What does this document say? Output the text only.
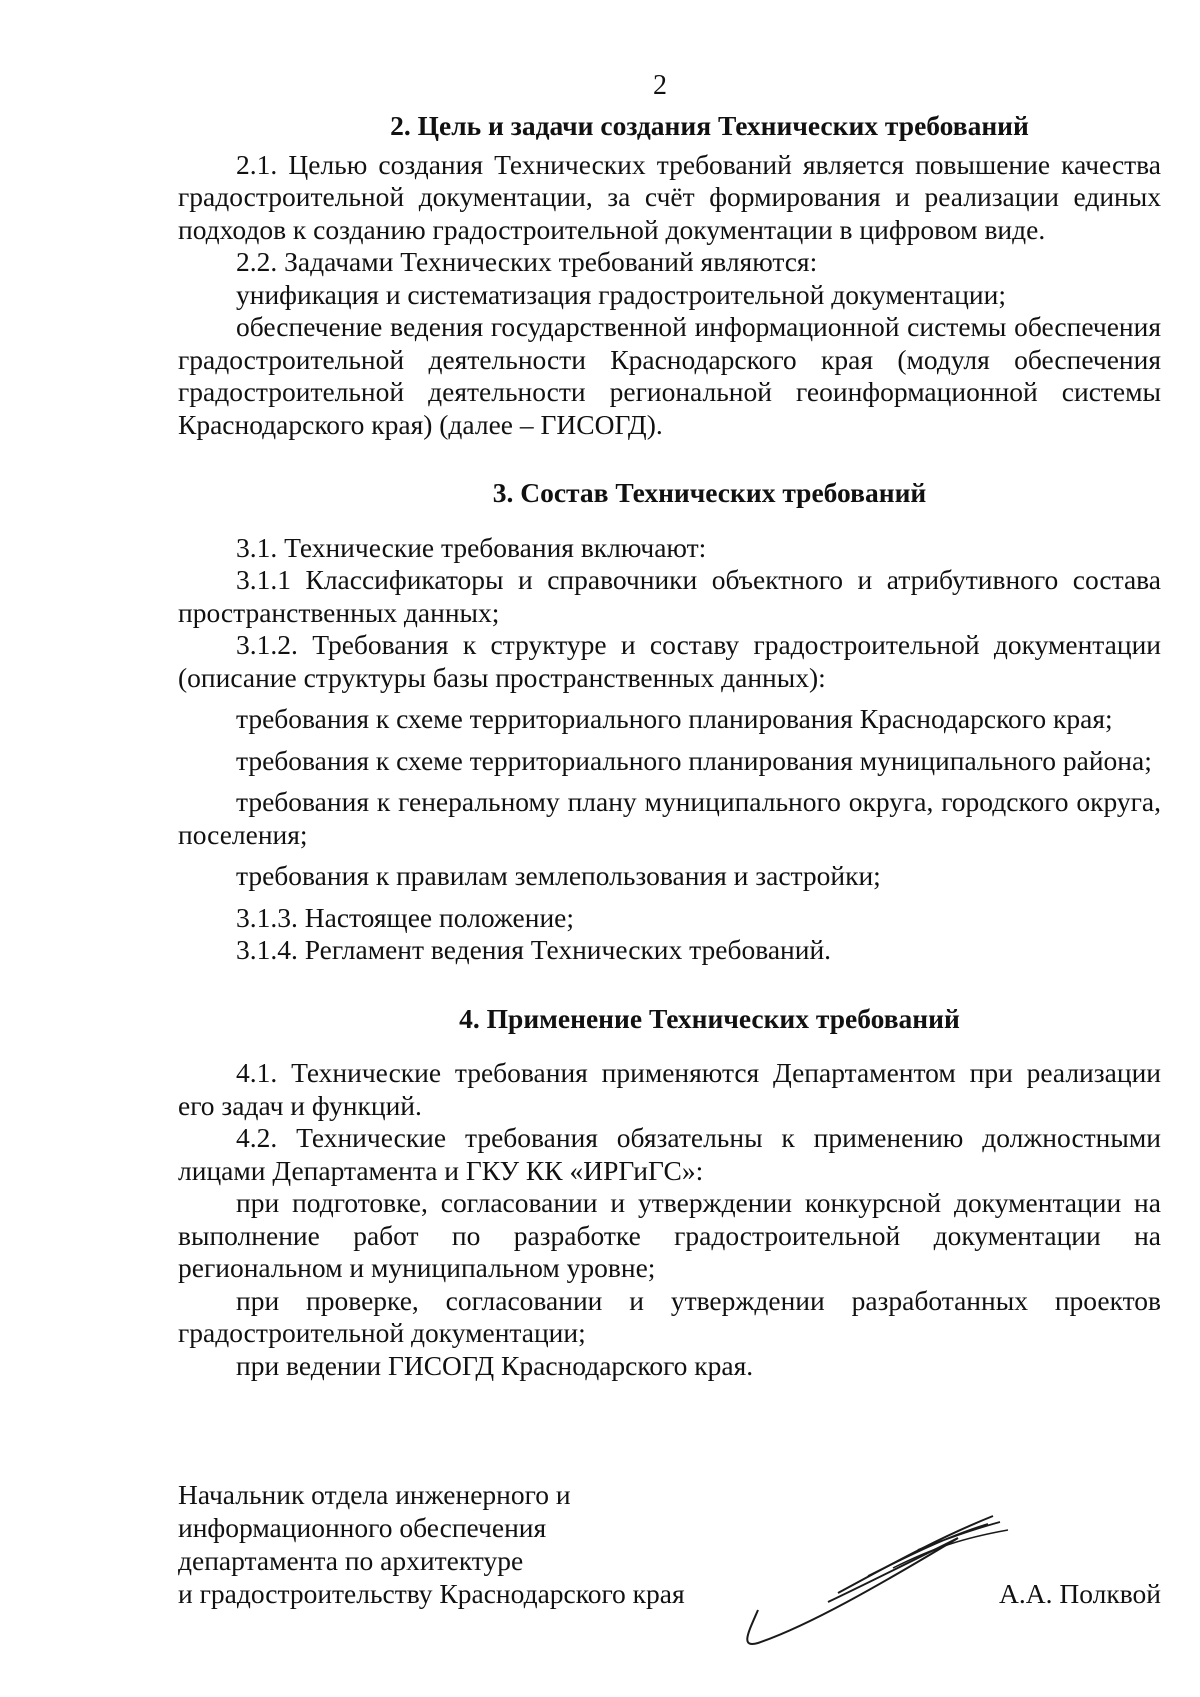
2
2. Цель и задачи создания Технических требований

2.1. Целью создания Технических требований является повышение качества градостроительной документации, за счёт формирования и реализации единых подходов к созданию градостроительной документации в цифровом виде.

2.2. Задачами Технических требований являются:

унификация и систематизация градостроительной документации;

обеспечение ведения государственной информационной системы обеспечения градостроительной деятельности Краснодарского края (модуля обеспечения градостроительной деятельности региональной геоинформационной системы Краснодарского края) (далее – ГИСОГД).

3. Состав Технических требований

3.1. Технические требования включают:

3.1.1 Классификаторы и справочники объектного и атрибутивного состава пространственных данных;

3.1.2. Требования к структуре и составу градостроительной документации (описание структуры базы пространственных данных):

требования к схеме территориального планирования Краснодарского края;

требования к схеме территориального планирования муниципального района;

требования к генеральному плану муниципального округа, городского округа, поселения;

требования к правилам землепользования и застройки;

3.1.3. Настоящее положение;

3.1.4. Регламент ведения Технических требований.

4. Применение Технических требований

4.1. Технические требования применяются Департаментом при реализации его задач и функций.

4.2. Технические требования обязательны к применению должностными лицами Департамента и ГКУ КК «ИРГиГС»:

при подготовке, согласовании и утверждении конкурсной документации на выполнение работ по разработке градостроительной документации на региональном и муниципальном уровне;

при проверке, согласовании и утверждении разработанных проектов градостроительной документации;

при ведении ГИСОГД Краснодарского края.

Начальник отдела инженерного и
информационного обеспечения
департамента по архитектуре
и градостроительству Краснодарского края	А.А. Полквой
